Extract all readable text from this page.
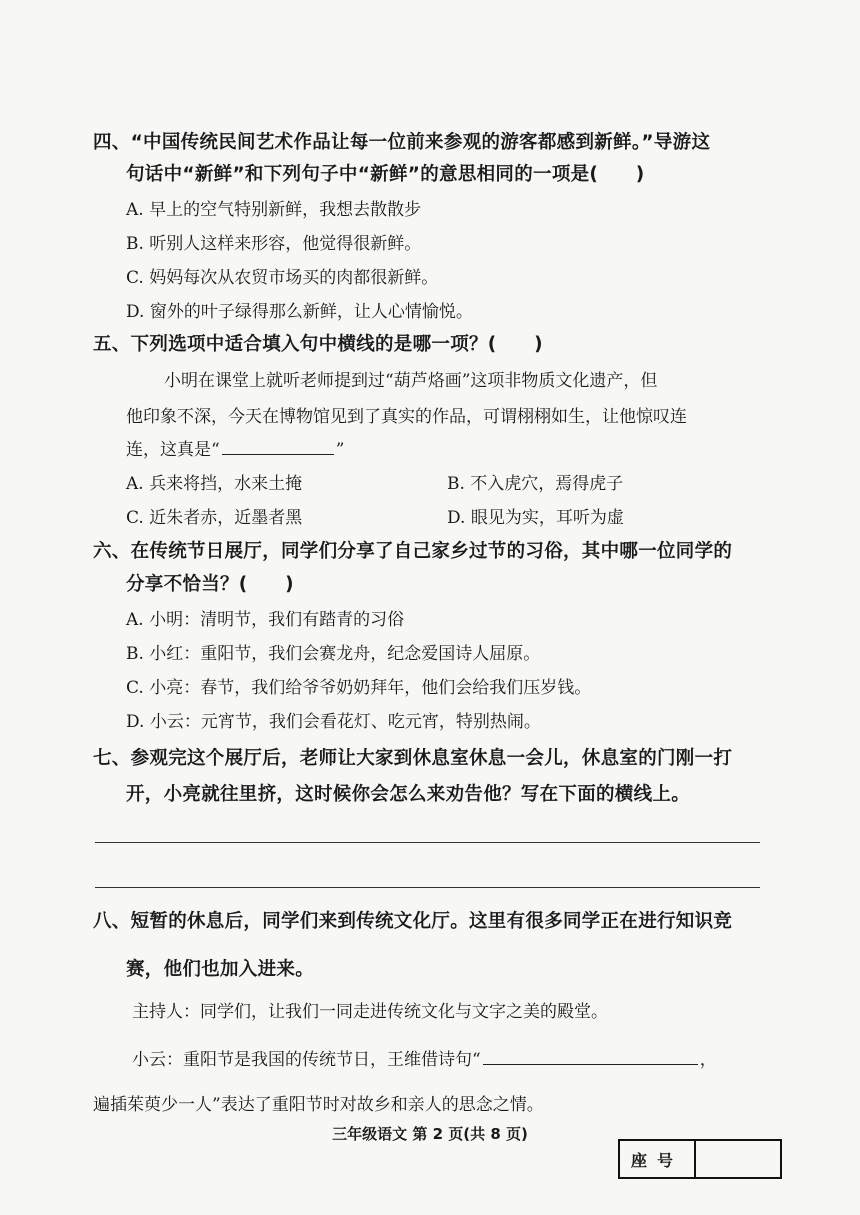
四、“中国传统民间艺术作品让每一位前来参观的游客都感到新鲜。”导游这
句话中“新鲜”和下列句子中“新鲜”的意思相同的一项是(　　)
A. 早上的空气特别新鲜，我想去散散步
B. 听别人这样来形容，他觉得很新鲜。
C. 妈妈每次从农贸市场买的肉都很新鲜。
D. 窗外的叶子绿得那么新鲜，让人心情愉悦。
五、下列选项中适合填入句中横线的是哪一项？(　　)
小明在课堂上就听老师提到过“葫芦烙画”这项非物质文化遗产，但
他印象不深，今天在博物馆见到了真实的作品，可谓栩栩如生，让他惊叹连
连，这真是“	”
A. 兵来将挡，水来土掩	B. 不入虎穴，焉得虎子
C. 近朱者赤，近墨者黑	D. 眼见为实，耳听为虚
六、在传统节日展厅，同学们分享了自己家乡过节的习俗，其中哪一位同学的
分享不恰当？(　　)
A. 小明：清明节，我们有踏青的习俗
B. 小红：重阳节，我们会赛龙舟，纪念爱国诗人屈原。
C. 小亮：春节，我们给爷爷奶奶拜年，他们会给我们压岁钱。
D. 小云：元宵节，我们会看花灯、吃元宵，特别热闹。
七、参观完这个展厅后，老师让大家到休息室休息一会儿，休息室的门刚一打
开，小亮就往里挤，这时候你会怎么来劝告他？写在下面的横线上。
八、短暂的休息后，同学们来到传统文化厅。这里有很多同学正在进行知识竞
赛，他们也加入进来。
主持人：同学们，让我们一同走进传统文化与文字之美的殿堂。
小云：重阳节是我国的传统节日，王维借诗句“	，
遍插茱萸少一人”表达了重阳节时对故乡和亲人的思念之情。
三年级语文 第 2 页(共 8 页)
座号
